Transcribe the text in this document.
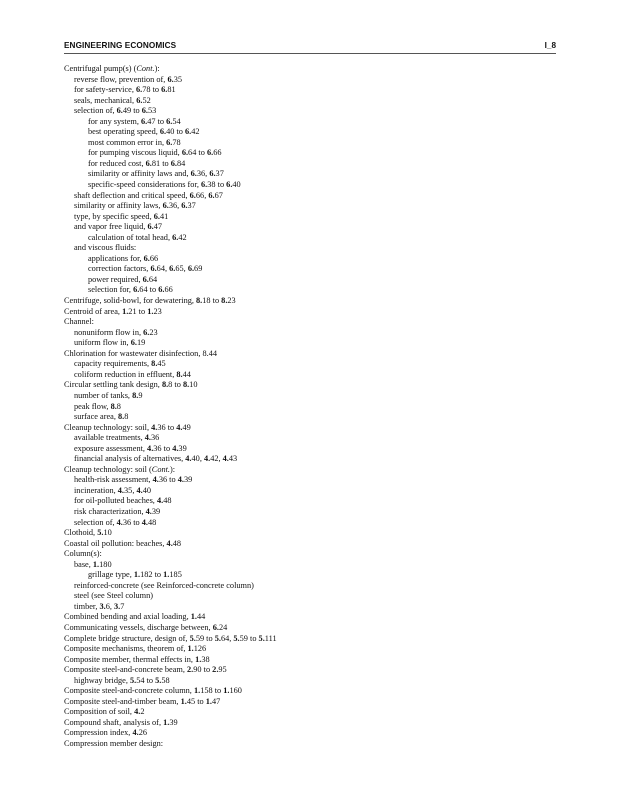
ENGINEERING ECONOMICS	I_8
Centrifugal pump(s) (Cont.):
reverse flow, prevention of, 6.35
for safety-service, 6.78 to 6.81
seals, mechanical, 6.52
selection of, 6.49 to 6.53
for any system, 6.47 to 6.54
best operating speed, 6.40 to 6.42
most common error in, 6.78
for pumping viscous liquid, 6.64 to 6.66
for reduced cost, 6.81 to 6.84
similarity or affinity laws and, 6.36, 6.37
specific-speed considerations for, 6.38 to 6.40
shaft deflection and critical speed, 6.66, 6.67
similarity or affinity laws, 6.36, 6.37
type, by specific speed, 6.41
and vapor free liquid, 6.47
calculation of total head, 6.42
and viscous fluids:
applications for, 6.66
correction factors, 6.64, 6.65, 6.69
power required, 6.64
selection for, 6.64 to 6.66
Centrifuge, solid-bowl, for dewatering, 8.18 to 8.23
Centroid of area, 1.21 to 1.23
Channel:
nonuniform flow in, 6.23
uniform flow in, 6.19
Chlorination for wastewater disinfection, 8.44
capacity requirements, 8.45
coliform reduction in effluent, 8.44
Circular settling tank design, 8.8 to 8.10
number of tanks, 8.9
peak flow, 8.8
surface area, 8.8
Cleanup technology: soil, 4.36 to 4.49
available treatments, 4.36
exposure assessment, 4.36 to 4.39
financial analysis of alternatives, 4.40, 4.42, 4.43
Cleanup technology: soil (Cont.):
health-risk assessment, 4.36 to 4.39
incineration, 4.35, 4.40
for oil-polluted beaches, 4.48
risk characterization, 4.39
selection of, 4.36 to 4.48
Clothoid, 5.10
Coastal oil pollution: beaches, 4.48
Column(s):
base, 1.180
grillage type, 1.182 to 1.185
reinforced-concrete (see Reinforced-concrete column)
steel (see Steel column)
timber, 3.6, 3.7
Combined bending and axial loading, 1.44
Communicating vessels, discharge between, 6.24
Complete bridge structure, design of, 5.59 to 5.64, 5.59 to 5.111
Composite mechanisms, theorem of, 1.126
Composite member, thermal effects in, 1.38
Composite steel-and-concrete beam, 2.90 to 2.95
highway bridge, 5.54 to 5.58
Composite steel-and-concrete column, 1.158 to 1.160
Composite steel-and-timber beam, 1.45 to 1.47
Composition of soil, 4.2
Compound shaft, analysis of, 1.39
Compression index, 4.26
Compression member design:
